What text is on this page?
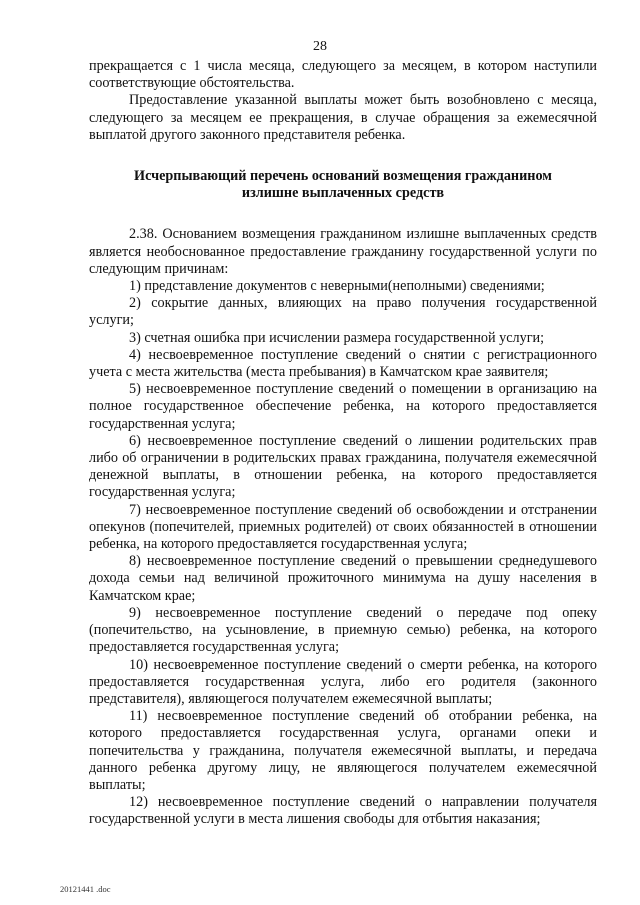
28

прекращается с 1 числа месяца, следующего за месяцем, в котором наступили соответствующие обстоятельства.

Предоставление указанной выплаты может быть возобновлено с месяца, следующего за месяцем ее прекращения, в случае обращения за ежемесячной выплатой другого законного представителя ребенка.

Исчерпывающий перечень оснований возмещения гражданином излишне выплаченных средств

2.38. Основанием возмещения гражданином излишне выплаченных средств является необоснованное предоставление гражданину государственной услуги по следующим причинам:

1) представление документов с неверными(неполными) сведениями;

2) сокрытие данных, влияющих на право получения государственной услуги;

3) счетная ошибка при исчислении размера государственной услуги;

4) несвоевременное поступление сведений о снятии с регистрационного учета с места жительства (места пребывания) в Камчатском крае заявителя;

5) несвоевременное поступление сведений о помещении в организацию на полное государственное обеспечение ребенка, на которого предоставляется государственная услуга;

6) несвоевременное поступление сведений о лишении родительских прав либо об ограничении в родительских правах гражданина, получателя ежемесячной денежной выплаты, в отношении ребенка, на которого предоставляется государственная услуга;

7) несвоевременное поступление сведений об освобождении и отстранении опекунов (попечителей, приемных родителей) от своих обязанностей в отношении ребенка, на которого предоставляется государственная услуга;

8) несвоевременное поступление сведений о превышении среднедушевого дохода семьи над величиной прожиточного минимума на душу населения в Камчатском крае;

9) несвоевременное поступление сведений о передаче под опеку (попечительство, на усыновление, в приемную семью) ребенка, на которого предоставляется государственная услуга;

10) несвоевременное поступление сведений о смерти ребенка, на которого предоставляется государственная услуга, либо его родителя (законного представителя), являющегося получателем ежемесячной выплаты;

11) несвоевременное поступление сведений об отобрании ребенка, на которого предоставляется государственная услуга, органами опеки и попечительства у гражданина, получателя ежемесячной выплаты, и передача данного ребенка другому лицу, не являющегося получателем ежемесячной выплаты;

12) несвоевременное поступление сведений о направлении получателя государственной услуги в места лишения свободы для отбытия наказания;

20121441 .doc
